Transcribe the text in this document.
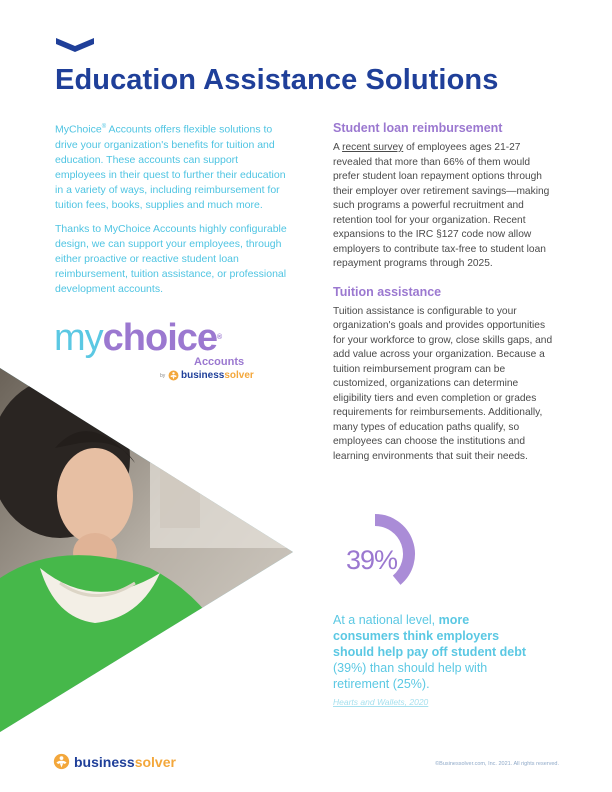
Education Assistance Solutions

MyChoice® Accounts offers flexible solutions to drive your organization's benefits for tuition and education. These accounts can support employees in their quest to further their education in a variety of ways, including reimbursement for tuition fees, books, supplies and much more.

Thanks to MyChoice Accounts highly configurable design, we can support your employees, through either proactive or reactive student loan reimbursement, tuition assistance, or professional development accounts.

mychoice®
Accounts
by businesssolver
Student loan reimbursement

A recent survey of employees ages 21-27 revealed that more than 66% of them would prefer student loan repayment options through their employer over retirement savings—making such programs a powerful recruitment and retention tool for your organization. Recent expansions to the IRC §127 code now allow employers to contribute tax-free to student loan repayment programs through 2025.

Tuition assistance

Tuition assistance is configurable to your organization's goals and provides opportunities for your workforce to grow, close skills gaps, and add value across your organization. Because a tuition reimbursement program can be customized, organizations can determine eligibility tiers and even completion or grades requirements for reimbursements. Additionally, many types of education paths qualify, so employees can choose the institutions and learning environments that suit their needs.

39%

At a national level, more consumers think employers should help pay off student debt (39%) than should help with retirement (25%).

Hearts and Wallets, 2020
businesssolver	©Businessolver.com, Inc. 2021. All rights reserved.
